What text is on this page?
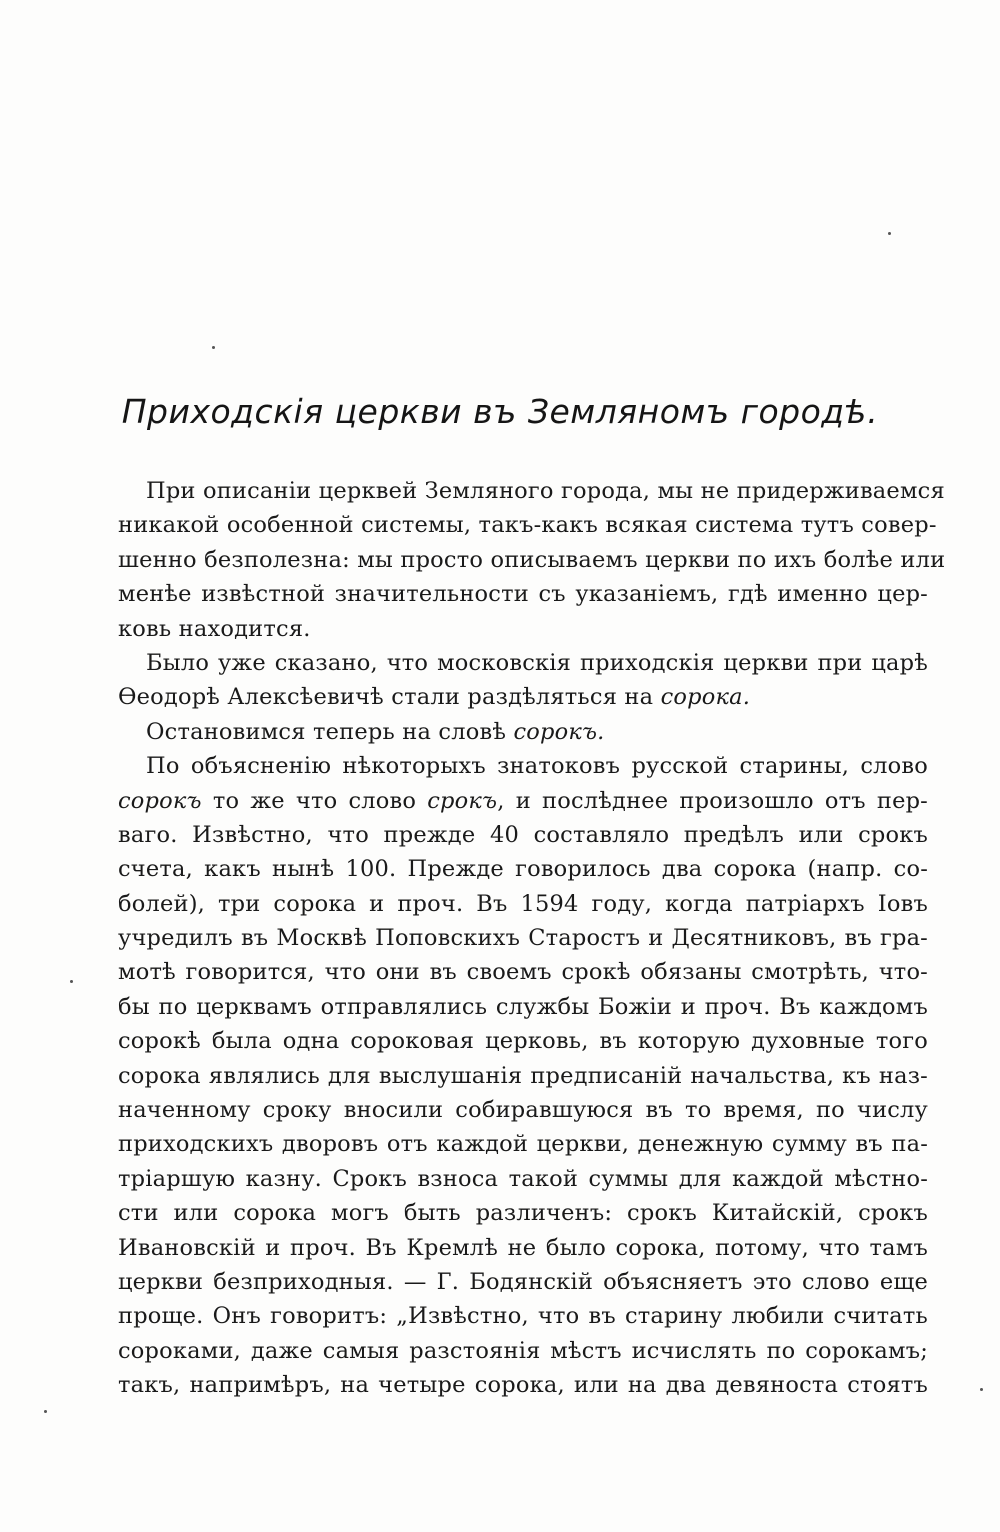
Приходскія церкви въ Земляномъ городѣ.
При описаніи церквей Земляного города, мы не придерживаемся
никакой особенной системы, такъ-какъ всякая система тутъ совер-
шенно безполезна: мы просто описываемъ церкви по ихъ болѣе или
менѣе извѣстной значительности съ указаніемъ, гдѣ именно цер-
ковь находится.
Было уже сказано, что московскія приходскія церкви при царѣ
Ѳеодорѣ Алексѣевичѣ стали раздѣляться на сорока.
Остановимся теперь на словѣ сорокъ.
По объясненію нѣкоторыхъ знатоковъ русской старины, слово
сорокъ то же что слово срокъ, и послѣднее произошло отъ пер-
ваго. Извѣстно, что прежде 40 составляло предѣлъ или срокъ
счета, какъ нынѣ 100. Прежде говорилось два сорока (напр. со-
болей), три сорока и проч. Въ 1594 году, когда патріархъ Іовъ
учредилъ въ Москвѣ Поповскихъ Старостъ и Десятниковъ, въ гра-
мотѣ говорится, что они въ своемъ срокѣ обязаны смотрѣть, что-
бы по церквамъ отправлялись службы Божіи и проч. Въ каждомъ
сорокѣ была одна сороковая церковь, въ которую духовные того
сорока являлись для выслушанія предписаній начальства, къ наз-
наченному сроку вносили собиравшуюся въ то время, по числу
приходскихъ дворовъ отъ каждой церкви, денежную сумму въ па-
тріаршую казну. Срокъ взноса такой суммы для каждой мѣстно-
сти или сорока могъ быть различенъ: срокъ Китайскій, срокъ
Ивановскій и проч. Въ Кремлѣ не было сорока, потому, что тамъ
церкви безприходныя. — Г. Бодянскій объясняетъ это слово еще
проще. Онъ говоритъ: „Извѣстно, что въ старину любили считать
сороками, даже самыя разстоянія мѣстъ исчислять по сорокамъ;
такъ, напримѣръ, на четыре сорока, или на два девяноста стоятъ
